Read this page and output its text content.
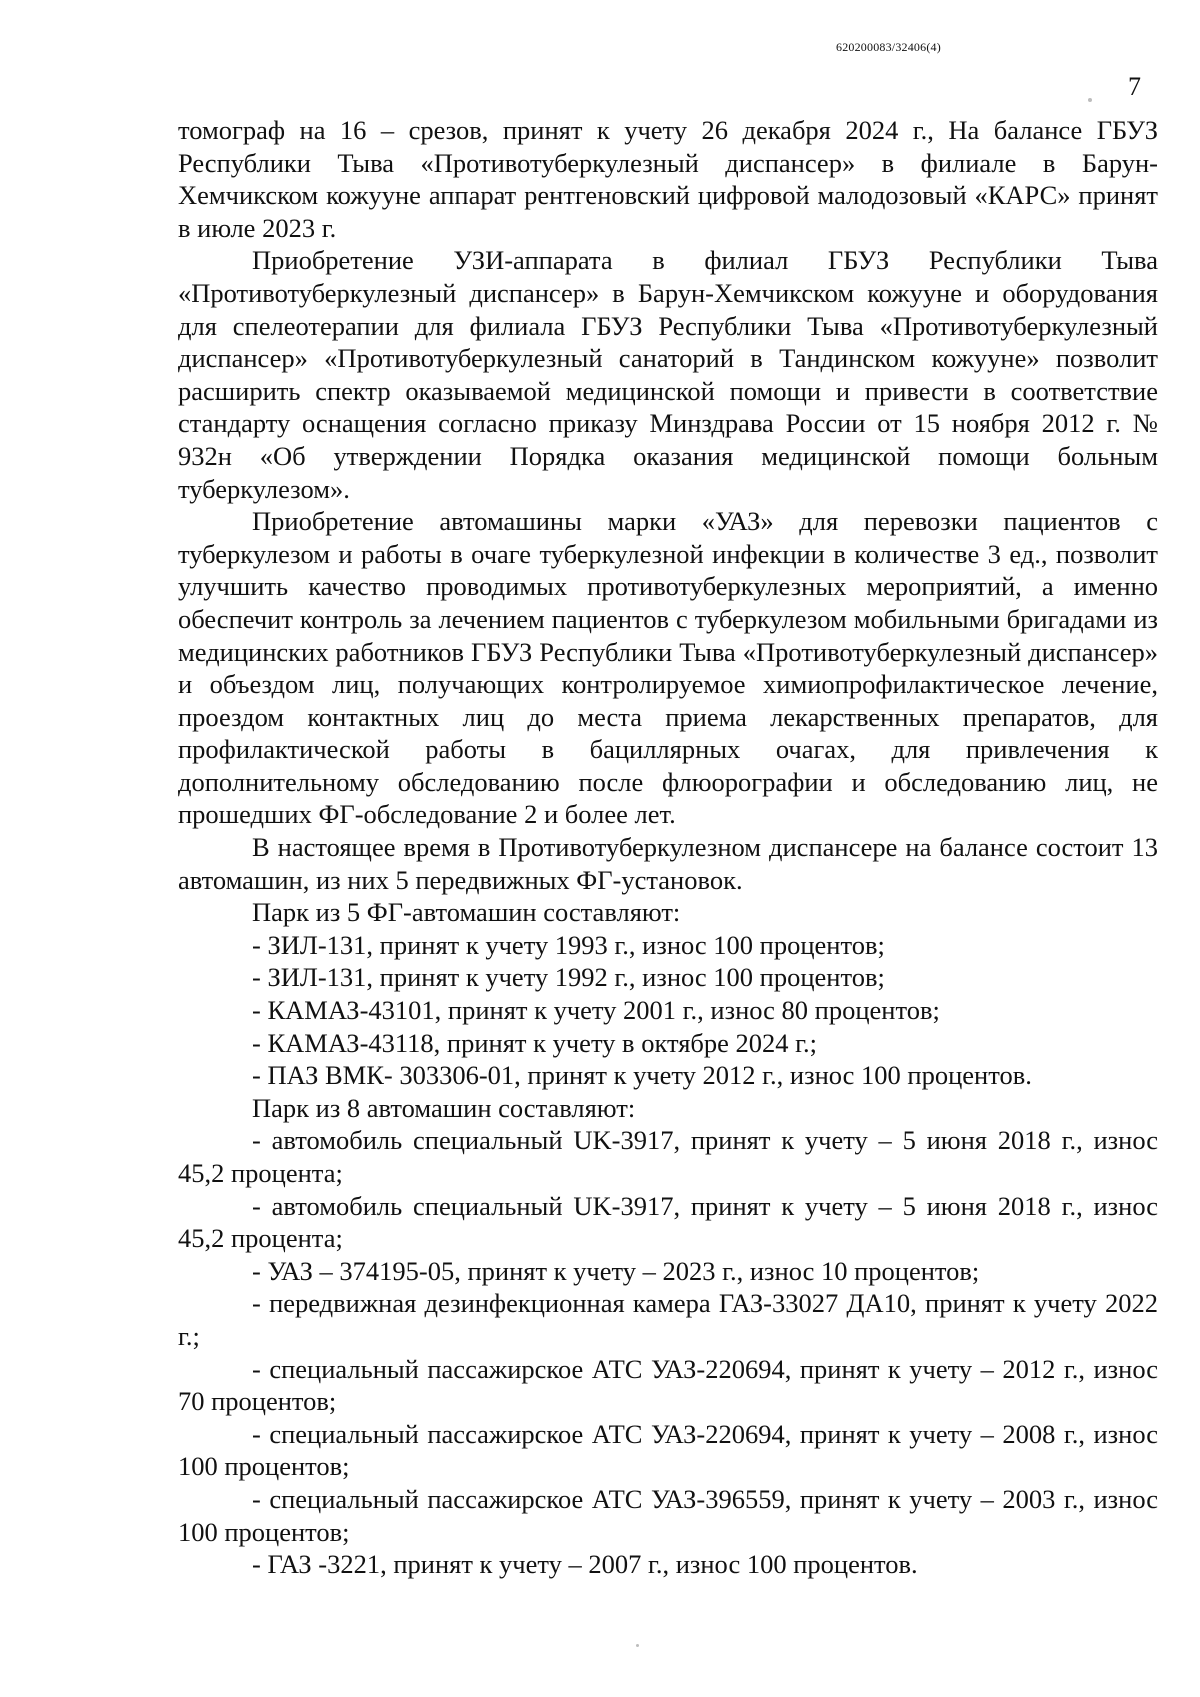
620200083/32406(4)
7

томограф на 16 – срезов, принят к учету 26 декабря 2024 г., На балансе ГБУЗ Республики Тыва «Противотуберкулезный диспансер» в филиале в Барун-Хемчикском кожууне аппарат рентгеновский цифровой малодозовый «КАРС» принят в июле 2023 г.

Приобретение УЗИ-аппарата в филиал ГБУЗ Республики Тыва «Противотуберкулезный диспансер» в Барун-Хемчикском кожууне и оборудования для спелеотерапии для филиала ГБУЗ Республики Тыва «Противотуберкулезный диспансер» «Противотуберкулезный санаторий в Тандинском кожууне» позволит расширить спектр оказываемой медицинской помощи и привести в соответствие стандарту оснащения согласно приказу Минздрава России от 15 ноября 2012 г. № 932н «Об утверждении Порядка оказания медицинской помощи больным туберкулезом».

Приобретение автомашины марки «УАЗ» для перевозки пациентов с туберкулезом и работы в очаге туберкулезной инфекции в количестве 3 ед., позволит улучшить качество проводимых противотуберкулезных мероприятий, а именно обеспечит контроль за лечением пациентов с туберкулезом мобильными бригадами из медицинских работников ГБУЗ Республики Тыва «Противотуберкулезный диспансер» и объездом лиц, получающих контролируемое химиопрофилактическое лечение, проездом контактных лиц до места приема лекарственных препаратов, для профилактической работы в бациллярных очагах, для привлечения к дополнительному обследованию после флюорографии и обследованию лиц, не прошедших ФГ-обследование 2 и более лет.

В настоящее время в Противотуберкулезном диспансере на балансе состоит 13 автомашин, из них 5 передвижных ФГ-установок.

Парк из 5 ФГ-автомашин составляют:

- ЗИЛ-131, принят к учету 1993 г., износ 100 процентов;
- ЗИЛ-131, принят к учету 1992 г., износ 100 процентов;
- КАМАЗ-43101, принят к учету 2001 г., износ 80 процентов;
- КАМАЗ-43118, принят к учету в октябре 2024 г.;
- ПАЗ ВМК- 303306-01, принят к учету 2012 г., износ 100 процентов.

Парк из 8 автомашин составляют:

- автомобиль специальный UK-3917, принят к учету – 5 июня 2018 г., износ 45,2 процента;
- автомобиль специальный UK-3917, принят к учету – 5 июня 2018 г., износ 45,2 процента;
- УАЗ – 374195-05, принят к учету – 2023 г., износ 10 процентов;
- передвижная дезинфекционная камера ГАЗ-33027 ДА10, принят к учету 2022 г.;
- специальный пассажирское АТС УАЗ-220694, принят к учету – 2012 г., износ 70 процентов;
- специальный пассажирское АТС УАЗ-220694, принят к учету – 2008 г., износ 100 процентов;
- специальный пассажирское АТС УАЗ-396559, принят к учету – 2003 г., износ 100 процентов;
- ГАЗ -3221, принят к учету – 2007 г., износ 100 процентов.
